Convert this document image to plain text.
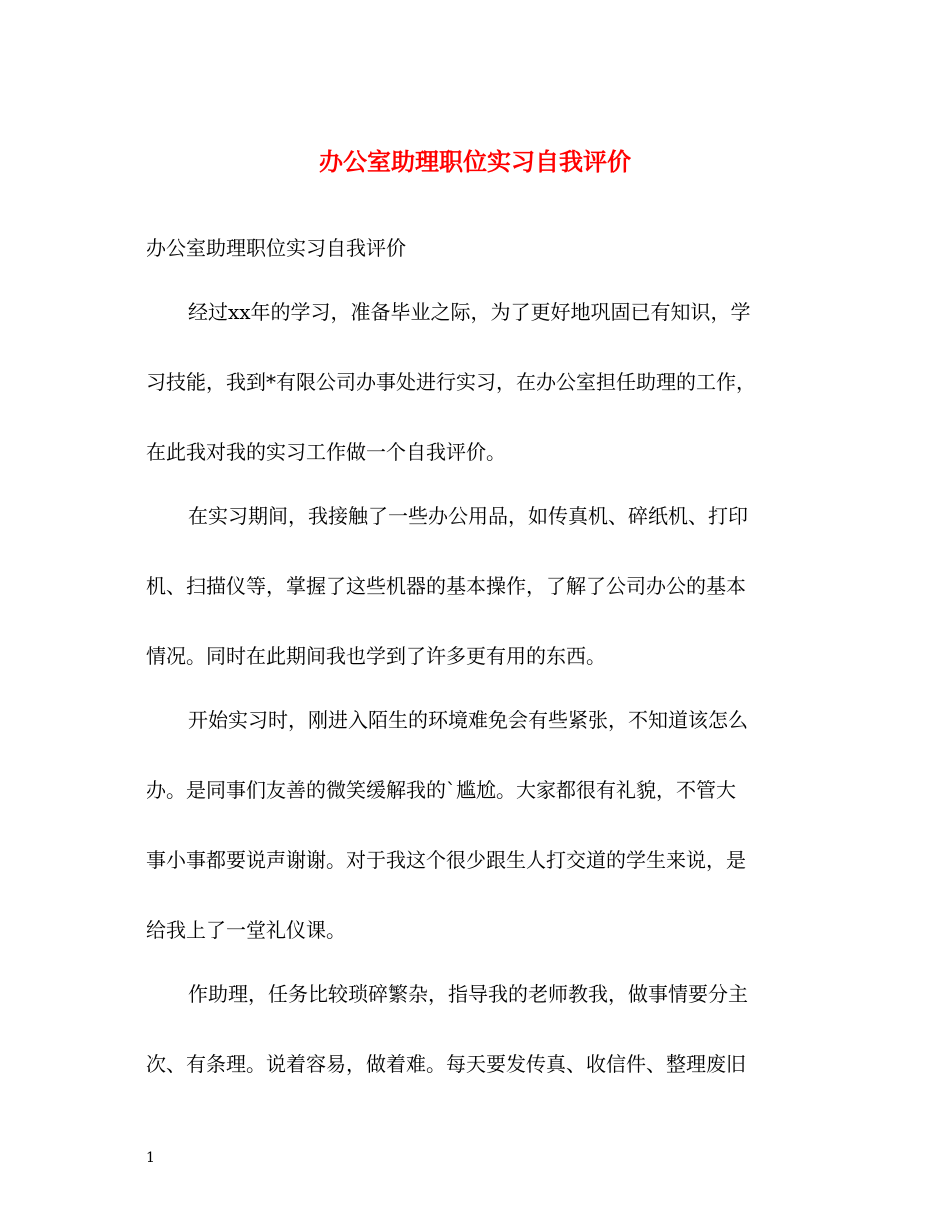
办公室助理职位实习自我评价

办公室助理职位实习自我评价

经过xx年的学习，准备毕业之际，为了更好地巩固已有知识，学

习技能，我到*有限公司办事处进行实习，在办公室担任助理的工作，

在此我对我的实习工作做一个自我评价。

在实习期间，我接触了一些办公用品，如传真机、碎纸机、打印

机、扫描仪等，掌握了这些机器的基本操作，了解了公司办公的基本

情况。同时在此期间我也学到了许多更有用的东西。

开始实习时，刚进入陌生的环境难免会有些紧张，不知道该怎么

办。是同事们友善的微笑缓解我的`尴尬。大家都很有礼貌，不管大

事小事都要说声谢谢。对于我这个很少跟生人打交道的学生来说，是

给我上了一堂礼仪课。

作助理，任务比较琐碎繁杂，指导我的老师教我，做事情要分主

次、有条理。说着容易，做着难。每天要发传真、收信件、整理废旧

1
